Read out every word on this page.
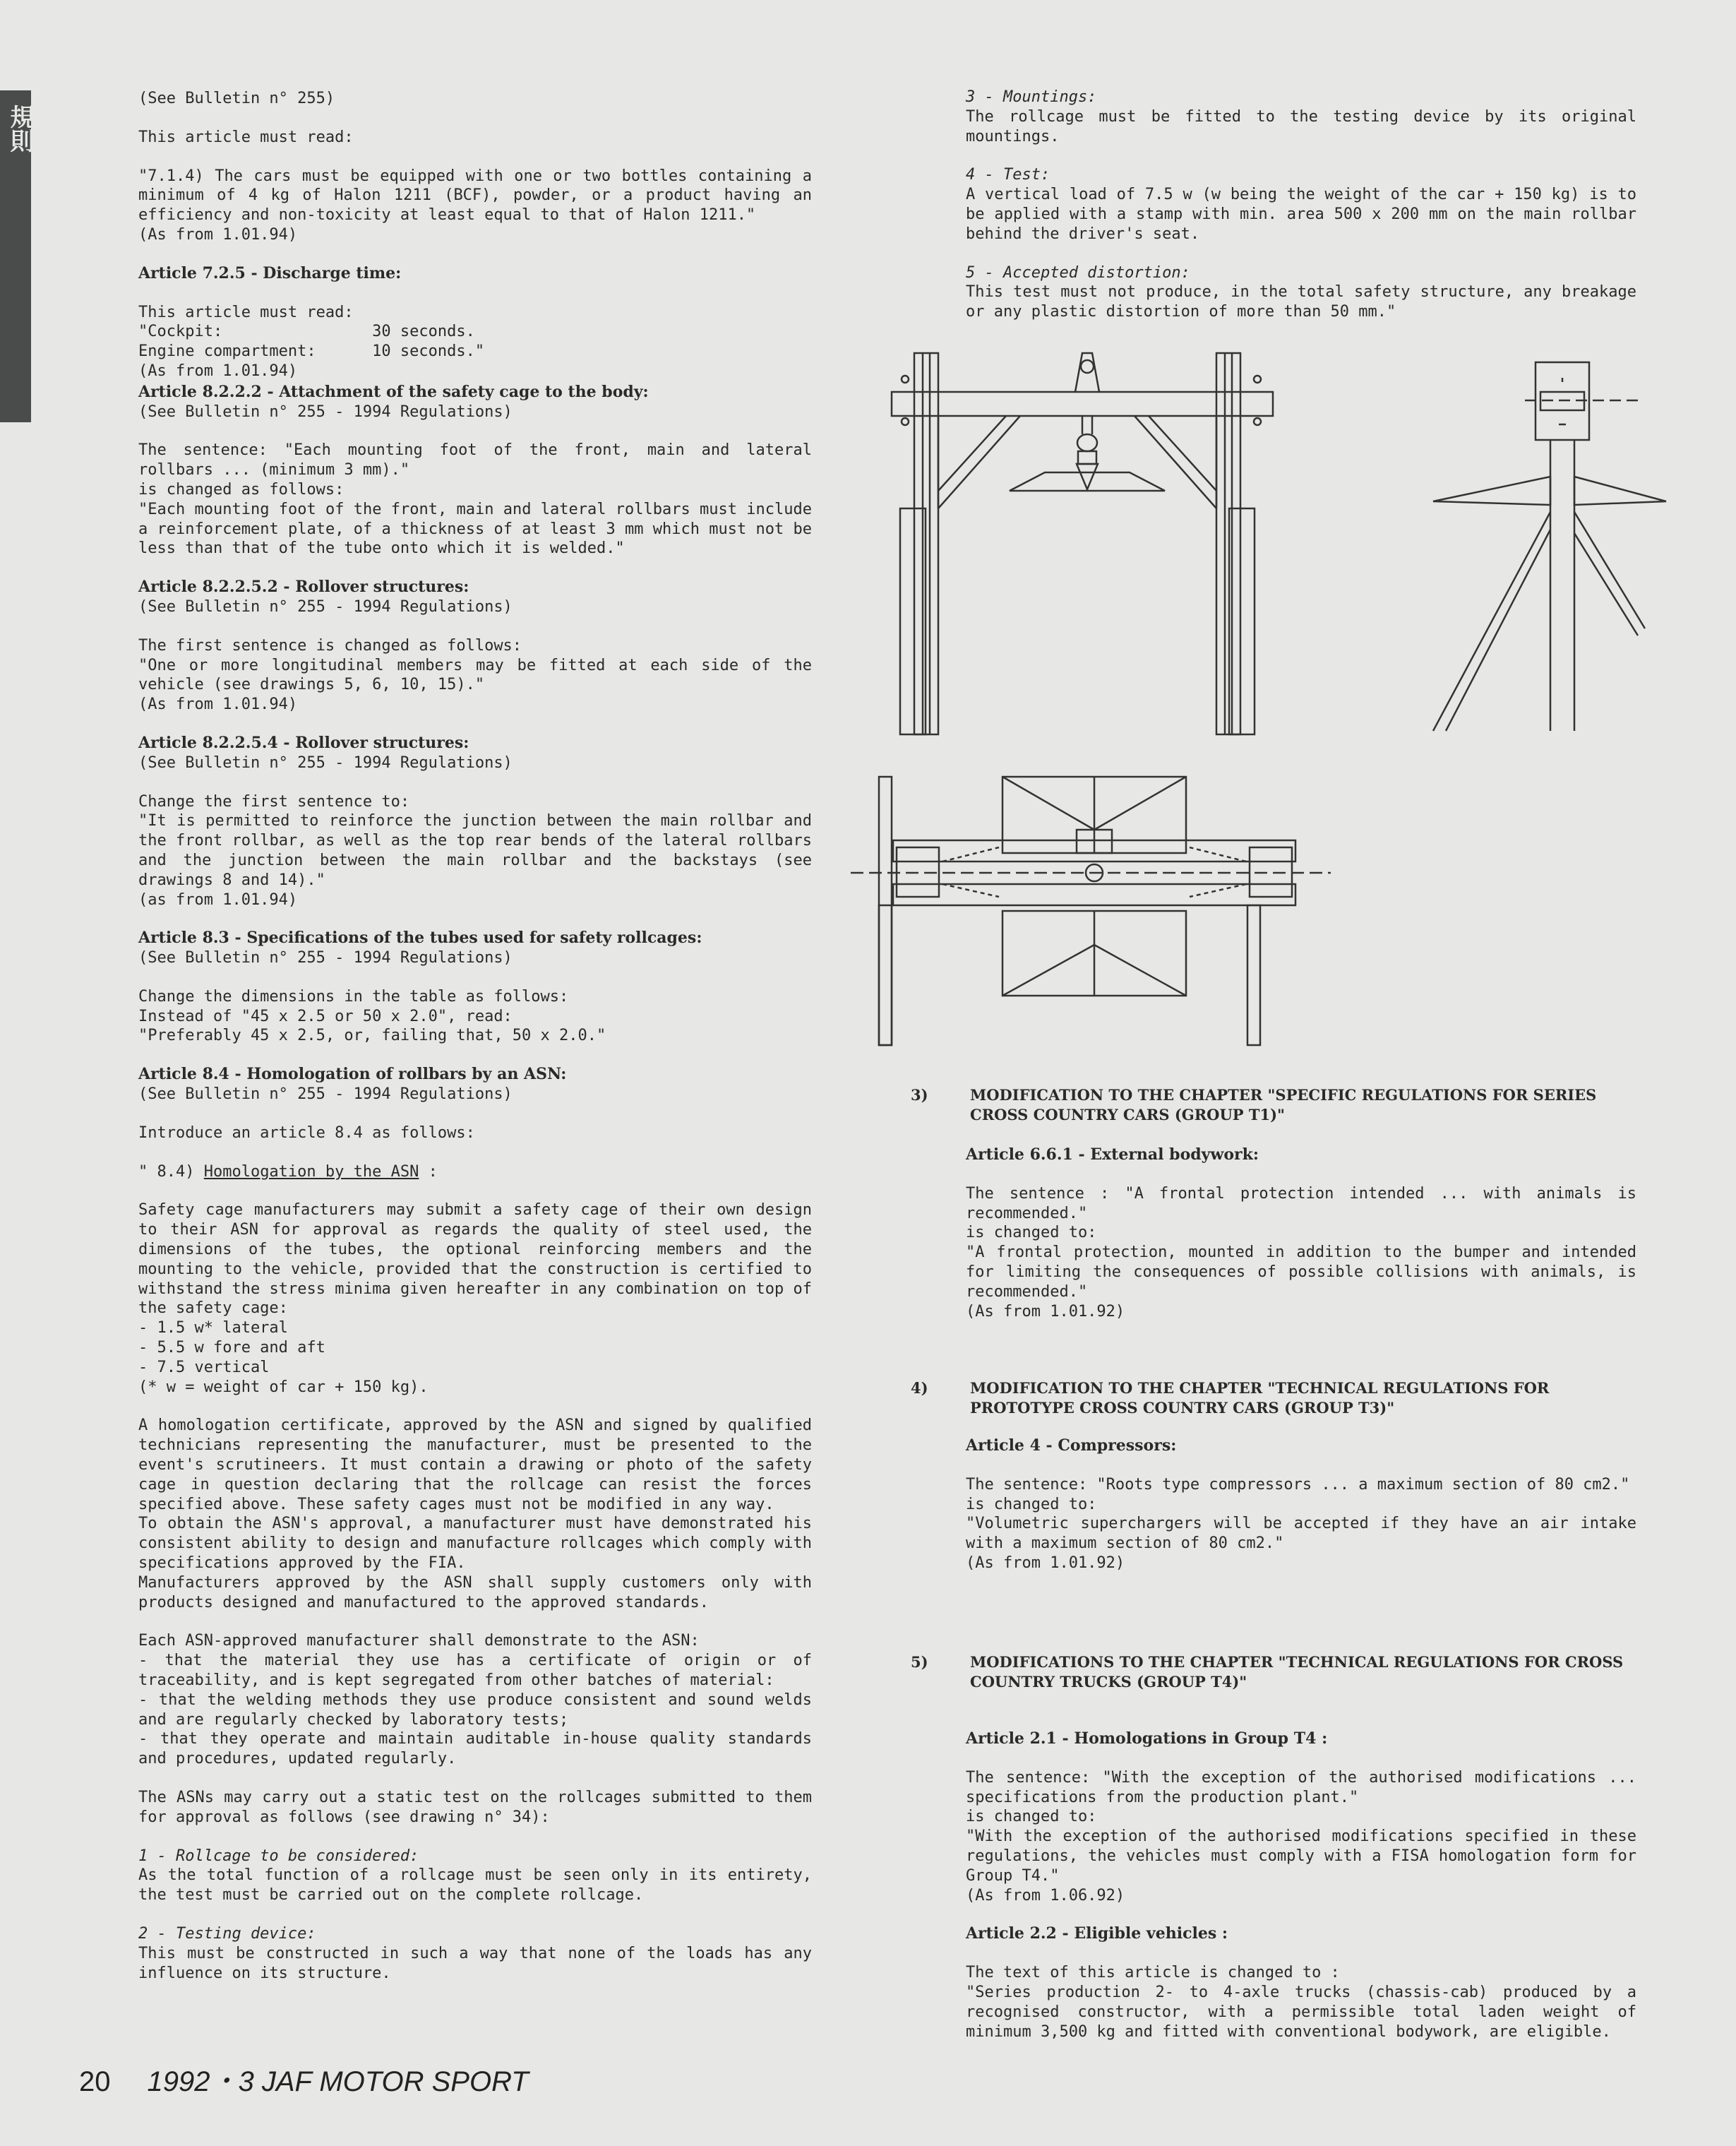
規則

(See Bulletin n° 255)

This article must read:

"7.1.4) The cars must be equipped with one or two bottles containing a minimum of 4 kg of Halon 1211 (BCF), powder, or a product having an efficiency and non-toxicity at least equal to that of Halon 1211."
(As from 1.01.94)

Article 7.2.5 - Discharge time:

This article must read:
"Cockpit:                30 seconds.
Engine compartment:      10 seconds."
(As from 1.01.94)

Article 8.2.2.2 - Attachment of the safety cage to the body:

(See Bulletin n° 255 - 1994 Regulations)

The sentence: "Each mounting foot of the front, main and lateral rollbars ... (minimum 3 mm)."
is changed as follows:
"Each mounting foot of the front, main and lateral rollbars must include a reinforcement plate, of a thickness of at least 3 mm which must not be less than that of the tube onto which it is welded."

Article 8.2.2.5.2 - Rollover structures:

(See Bulletin n° 255 - 1994 Regulations)

The first sentence is changed as follows:
"One or more longitudinal members may be fitted at each side of the vehicle (see drawings 5, 6, 10, 15)."
(As from 1.01.94)

Article 8.2.2.5.4 - Rollover structures:

(See Bulletin n° 255 - 1994 Regulations)

Change the first sentence to:
"It is permitted to reinforce the junction between the main rollbar and the front rollbar, as well as the top rear bends of the lateral rollbars and the junction between the main rollbar and the backstays (see drawings 8 and 14)."
(as from 1.01.94)

Article 8.3 - Specifications of the tubes used for safety rollcages:

(See Bulletin n° 255 - 1994 Regulations)

Change the dimensions in the table as follows:
Instead of "45 x 2.5 or 50 x 2.0", read:
"Preferably 45 x 2.5, or, failing that, 50 x 2.0."

Article 8.4 - Homologation of rollbars by an ASN:

(See Bulletin n° 255 - 1994 Regulations)

Introduce an article 8.4 as follows:

" 8.4) Homologation by the ASN :

Safety cage manufacturers may submit a safety cage of their own design to their ASN for approval as regards the quality of steel used, the dimensions of the tubes, the optional reinforcing members and the mounting to the vehicle, provided that the construction is certified to withstand the stress minima given hereafter in any combination on top of the safety cage:
- 1.5 w* lateral
- 5.5 w fore and aft
- 7.5 vertical
(* w = weight of car + 150 kg).

A homologation certificate, approved by the ASN and signed by qualified technicians representing the manufacturer, must be presented to the event's scrutineers. It must contain a drawing or photo of the safety cage in question declaring that the rollcage can resist the forces specified above. These safety cages must not be modified in any way.
To obtain the ASN's approval, a manufacturer must have demonstrated his consistent ability to design and manufacture rollcages which comply with specifications approved by the FIA.
Manufacturers approved by the ASN shall supply customers only with products designed and manufactured to the approved standards.

Each ASN-approved manufacturer shall demonstrate to the ASN:
- that the material they use has a certificate of origin or of traceability, and is kept segregated from other batches of material:
- that the welding methods they use produce consistent and sound welds and are regularly checked by laboratory tests;
- that they operate and maintain auditable in-house quality standards and procedures, updated regularly.

The ASNs may carry out a static test on the rollcages submitted to them for approval as follows (see drawing n° 34):

1 - Rollcage to be considered:

As the total function of a rollcage must be seen only in its entirety, the test must be carried out on the complete rollcage.

2 - Testing device:

This must be constructed in such a way that none of the loads has any influence on its structure.

3 - Mountings:

The rollcage must be fitted to the testing device by its original mountings.

4 - Test:

A vertical load of 7.5 w (w being the weight of the car + 150 kg) is to be applied with a stamp with min. area 500 x 200 mm on the main rollbar behind the driver's seat.

5 - Accepted distortion:

This test must not produce, in the total safety structure, any breakage or any plastic distortion of more than 50 mm."

3)	MODIFICATION TO THE CHAPTER "SPECIFIC REGULATIONS FOR SERIES CROSS COUNTRY CARS (GROUP T1)"

Article 6.6.1 - External bodywork:

The sentence : "A frontal protection intended ... with animals is recommended."
is changed to:
"A frontal protection, mounted in addition to the bumper and intended for limiting the consequences of possible collisions with animals, is recommended."
(As from 1.01.92)

4)	MODIFICATION TO THE CHAPTER "TECHNICAL REGULATIONS FOR PROTOTYPE CROSS COUNTRY CARS (GROUP T3)"

Article 4 - Compressors:

The sentence: "Roots type compressors ... a maximum section of 80 cm2."
is changed to:
"Volumetric superchargers will be accepted if they have an air intake with a maximum section of 80 cm2."
(As from 1.01.92)

5)	MODIFICATIONS TO THE CHAPTER "TECHNICAL REGULATIONS FOR CROSS COUNTRY TRUCKS (GROUP T4)"

Article 2.1 - Homologations in Group T4 :

The sentence: "With the exception of the authorised modifications ... specifications from the production plant."
is changed to:
"With the exception of the authorised modifications specified in these regulations, the vehicles must comply with a FISA homologation form for Group T4."
(As from 1.06.92)

Article 2.2 - Eligible vehicles :

The text of this article is changed to :
"Series production 2- to 4-axle trucks (chassis-cab) produced by a recognised constructor, with a permissible total laden weight of minimum 3,500 kg and fitted with conventional bodywork, are eligible.

20 1992・3 JAF MOTOR SPORT
